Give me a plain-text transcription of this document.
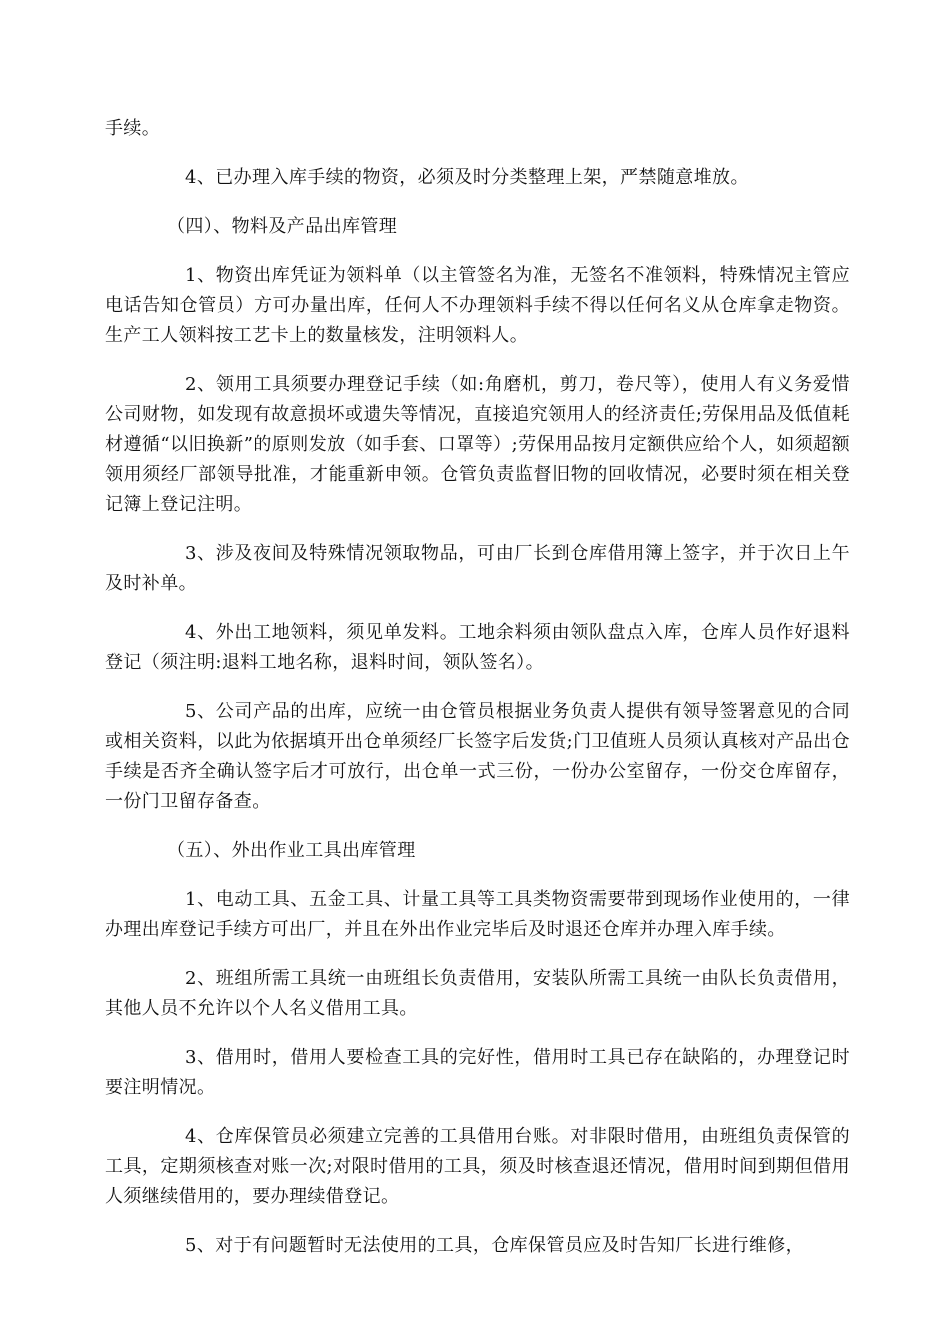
手续。

4、已办理入库手续的物资，必须及时分类整理上架，严禁随意堆放。

（四）、物料及产品出库管理

1、物资出库凭证为领料单（以主管签名为准，无签名不准领料，特殊情况主管应电话告知仓管员）方可办量出库，任何人不办理领料手续不得以任何名义从仓库拿走物资。生产工人领料按工艺卡上的数量核发，注明领料人。

2、领用工具须要办理登记手续（如:角磨机，剪刀，卷尺等），使用人有义务爱惜公司财物，如发现有故意损坏或遗失等情况，直接追究领用人的经济责任;劳保用品及低值耗材遵循“以旧换新”的原则发放（如手套、口罩等）;劳保用品按月定额供应给个人，如须超额领用须经厂部领导批准，才能重新申领。仓管负责监督旧物的回收情况，必要时须在相关登记簿上登记注明。

3、涉及夜间及特殊情况领取物品，可由厂长到仓库借用簿上签字，并于次日上午及时补单。

4、外出工地领料，须见单发料。工地余料须由领队盘点入库，仓库人员作好退料登记（须注明:退料工地名称，退料时间，领队签名）。

5、公司产品的出库，应统一由仓管员根据业务负责人提供有领导签署意见的合同或相关资料，以此为依据填开出仓单须经厂长签字后发货;门卫值班人员须认真核对产品出仓手续是否齐全确认签字后才可放行，出仓单一式三份，一份办公室留存，一份交仓库留存，一份门卫留存备查。

（五）、外出作业工具出库管理

1、电动工具、五金工具、计量工具等工具类物资需要带到现场作业使用的，一律办理出库登记手续方可出厂，并且在外出作业完毕后及时退还仓库并办理入库手续。

2、班组所需工具统一由班组长负责借用，安装队所需工具统一由队长负责借用，其他人员不允许以个人名义借用工具。

3、借用时，借用人要检查工具的完好性，借用时工具已存在缺陷的，办理登记时要注明情况。

4、仓库保管员必须建立完善的工具借用台账。对非限时借用，由班组负责保管的工具，定期须核查对账一次;对限时借用的工具，须及时核查退还情况，借用时间到期但借用人须继续借用的，要办理续借登记。

5、对于有问题暂时无法使用的工具，仓库保管员应及时告知厂长进行维修，
